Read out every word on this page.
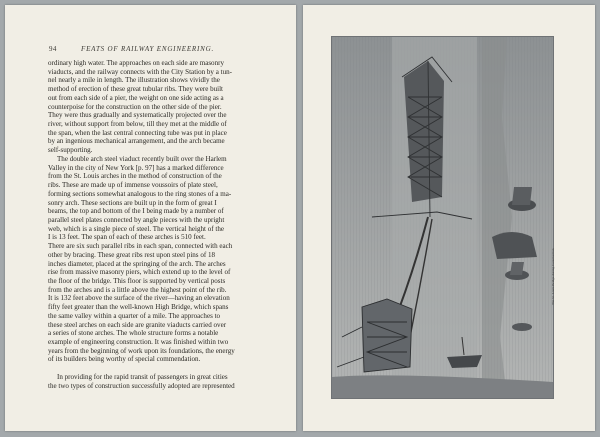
94	FEATS OF RAILWAY ENGINEERING.

ordinary high water. The approaches on each side are masonry
viaducts, and the railway connects with the City Station by a tun-
nel nearly a mile in length. The illustration shows vividly the
method of erection of these great tubular ribs. They were built
out from each side of a pier, the weight on one side acting as a
counterpoise for the construction on the other side of the pier.
They were thus gradually and systematically projected over the
river, without support from below, till they met at the middle of
the span, when the last central connecting tube was put in place
by an ingenious mechanical arrangement, and the arch became
self-supporting.

The double arch steel viaduct recently built over the Harlem
Valley in the city of New York [p. 97] has a marked difference
from the St. Louis arches in the method of construction of the
ribs. These are made up of immense voussoirs of plate steel,
forming sections somewhat analogous to the ring stones of a ma-
sonry arch. These sections are built up in the form of great I
beams, the top and bottom of the I being made by a number of
parallel steel plates connected by angle pieces with the upright
web, which is a single piece of steel. The vertical height of the
I is 13 feet. The span of each of these arches is 510 feet.
There are six such parallel ribs in each span, connected with each
other by bracing. These great ribs rest upon steel pins of 18
inches diameter, placed at the springing of the arch. The arches
rise from massive masonry piers, which extend up to the level of
the floor of the bridge. This floor is supported by vertical posts
from the arches and is a little above the highest point of the rib.
It is 132 feet above the surface of the river—having an elevation
fifty feet greater than the well-known High Bridge, which spans
the same valley within a quarter of a mile. The approaches to
these steel arches on each side are granite viaducts carried over
a series of stone arches. The whole structure forms a notable
example of engineering construction. It was finished within two
years from the beginning of work upon its foundations, the energy
of its builders being worthy of special commendation.

In providing for the rapid transit of passengers in great cities
the two types of construction successfully adopted are represented

The St. Louis Bridge during Construction.
